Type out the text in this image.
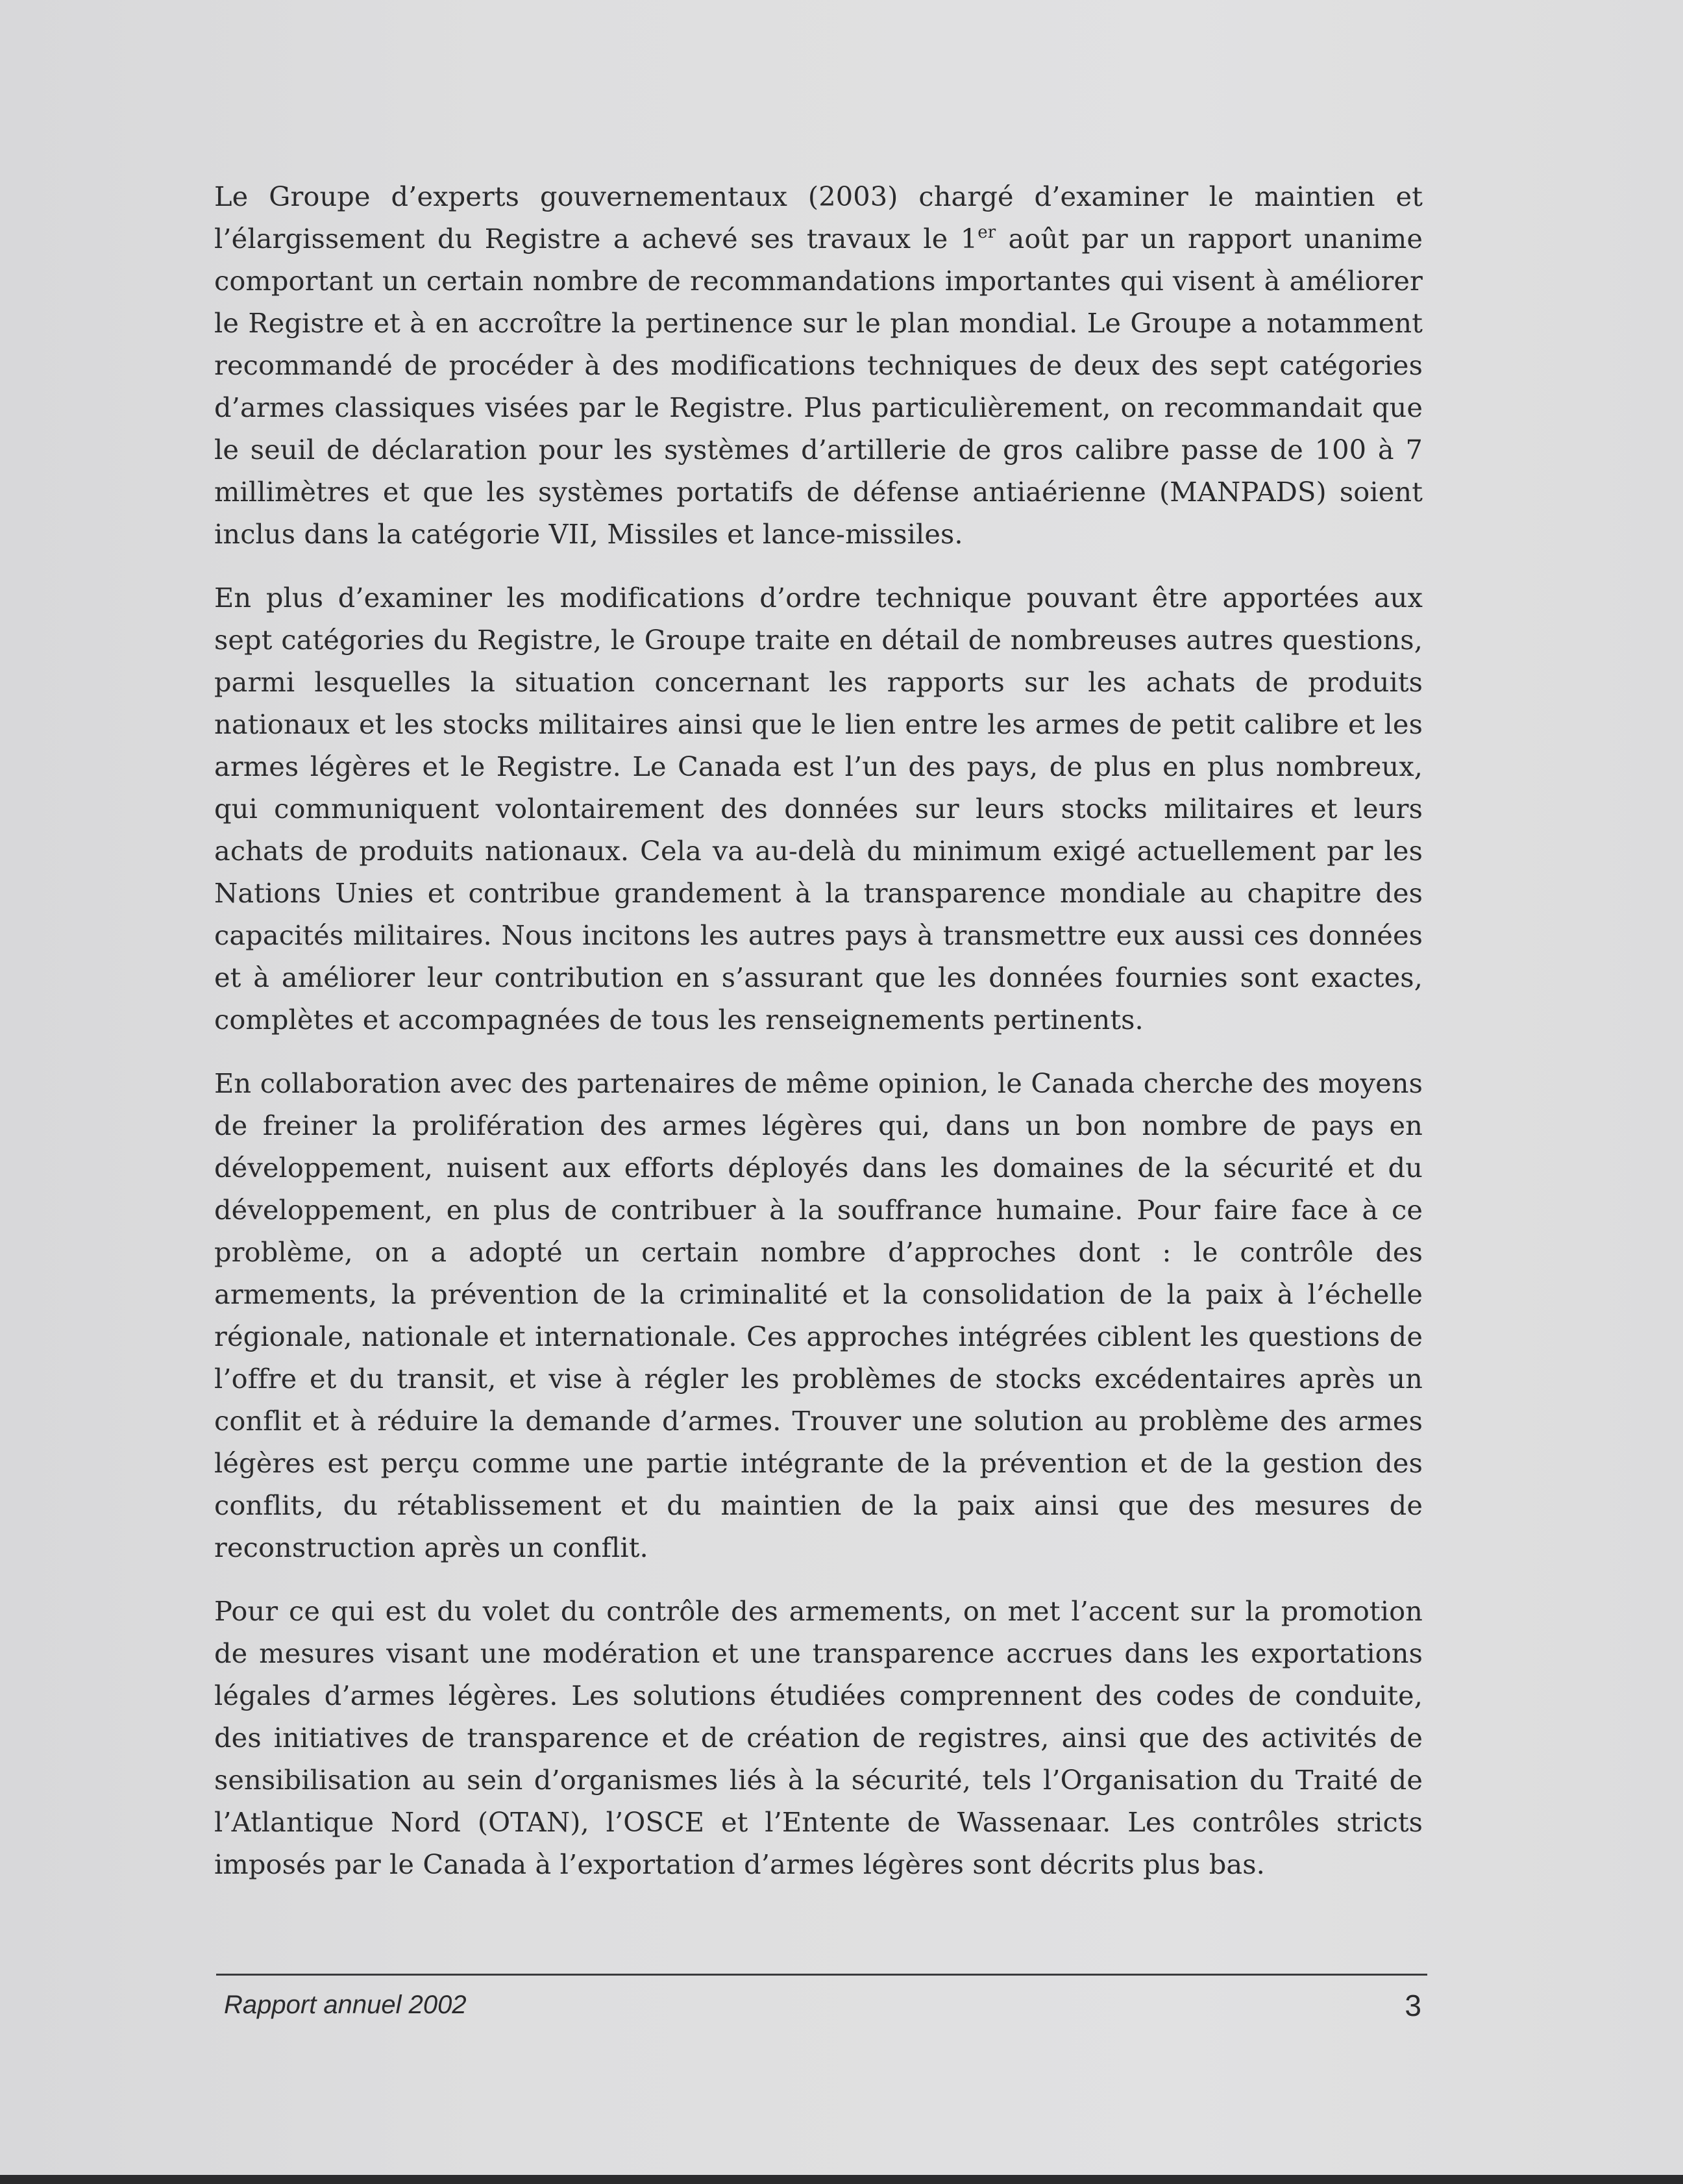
Le Groupe d’experts gouvernementaux (2003) chargé d’examiner le maintien et l’élargissement du Registre a achevé ses travaux le 1er août par un rapport unanime comportant un certain nombre de recommandations importantes qui visent à améliorer le Registre et à en accroître la pertinence sur le plan mondial. Le Groupe a notamment recommandé de procéder à des modifications techniques de deux des sept catégories d’armes classiques visées par le Registre. Plus particulièrement, on recommandait que le seuil de déclaration pour les systèmes d’artillerie de gros calibre passe de 100 à 7 millimètres et que les systèmes portatifs de défense antiaérienne (MANPADS) soient inclus dans la catégorie VII, Missiles et lance-missiles.

En plus d’examiner les modifications d’ordre technique pouvant être apportées aux sept catégories du Registre, le Groupe traite en détail de nombreuses autres questions, parmi lesquelles la situation concernant les rapports sur les achats de produits nationaux et les stocks militaires ainsi que le lien entre les armes de petit calibre et les armes légères et le Registre. Le Canada est l’un des pays, de plus en plus nombreux, qui communiquent volontairement des données sur leurs stocks militaires et leurs achats de produits nationaux. Cela va au-delà du minimum exigé actuellement par les Nations Unies et contribue grandement à la transparence mondiale au chapitre des capacités militaires. Nous incitons les autres pays à transmettre eux aussi ces données et à améliorer leur contribution en s’assurant que les données fournies sont exactes, complètes et accompagnées de tous les renseignements pertinents.

En collaboration avec des partenaires de même opinion, le Canada cherche des moyens de freiner la prolifération des armes légères qui, dans un bon nombre de pays en développement, nuisent aux efforts déployés dans les domaines de la sécurité et du développement, en plus de contribuer à la souffrance humaine. Pour faire face à ce problème, on a adopté un certain nombre d’approches dont : le contrôle des armements, la prévention de la criminalité et la consolidation de la paix à l’échelle régionale, nationale et internationale. Ces approches intégrées ciblent les questions de l’offre et du transit, et vise à régler les problèmes de stocks excédentaires après un conflit et à réduire la demande d’armes. Trouver une solution au problème des armes légères est perçu comme une partie intégrante de la prévention et de la gestion des conflits, du rétablissement et du maintien de la paix ainsi que des mesures de reconstruction après un conflit.

Pour ce qui est du volet du contrôle des armements, on met l’accent sur la promotion de mesures visant une modération et une transparence accrues dans les exportations légales d’armes légères. Les solutions étudiées comprennent des codes de conduite, des initiatives de transparence et de création de registres, ainsi que des activités de sensibilisation au sein d’organismes liés à la sécurité, tels l’Organisation du Traité de l’Atlantique Nord (OTAN), l’OSCE et l’Entente de Wassenaar. Les contrôles stricts imposés par le Canada à l’exportation d’armes légères sont décrits plus bas.

Rapport annuel 2002	3
